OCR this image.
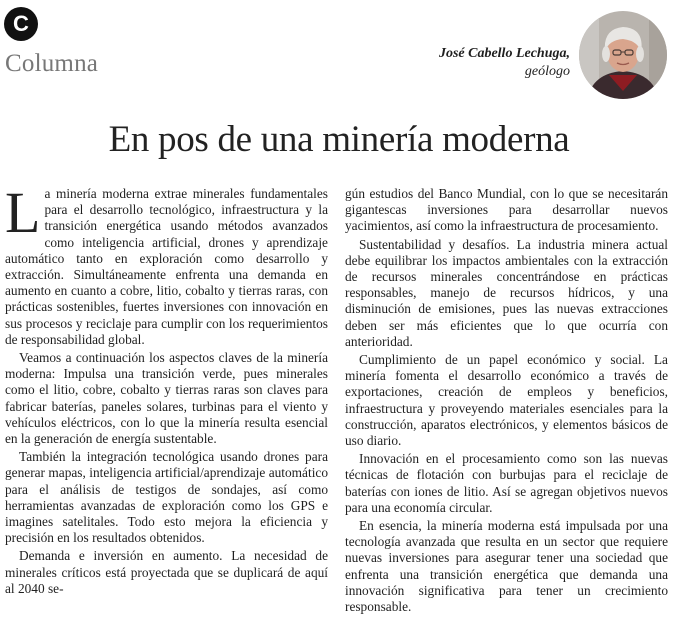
C
Columna	José Cabello Lechuga,
geólogo
En pos de una minería moderna

La minería moderna extrae minerales fundamentales para el desarrollo tecnológico, infraestructura y la transición energética usando métodos avanzados como inteligencia artificial, drones y aprendizaje automático tanto en exploración como desarrollo y extracción. Simultáneamente enfrenta una demanda en aumento en cuanto a cobre, litio, cobalto y tierras raras, con prácticas sostenibles, fuertes inversiones con innovación en sus procesos y reciclaje para cumplir con los requerimientos de responsabilidad global.

Veamos a continuación los aspectos claves de la minería moderna: Impulsa una transición verde, pues minerales como el litio, cobre, cobalto y tierras raras son claves para fabricar baterías, paneles solares, turbinas para el viento y vehículos eléctricos, con lo que la minería resulta esencial en la generación de energía sustentable.

También la integración tecnológica usando drones para generar mapas, inteligencia artificial/aprendizaje automático para el análisis de testigos de sondajes, así como herramientas avanzadas de exploración como los GPS e imagines satelitales. Todo esto mejora la eficiencia y precisión en los resultados obtenidos.

Demanda e inversión en aumento. La necesidad de minerales críticos está proyectada que se duplicará de aquí al 2040 se-

gún estudios del Banco Mundial, con lo que se necesitarán gigantescas inversiones para desarrollar nuevos yacimientos, así como la infraestructura de procesamiento.

Sustentabilidad y desafíos. La industria minera actual debe equilibrar los impactos ambientales con la extracción de recursos minerales concentrándose en prácticas responsables, manejo de recursos hídricos, y una disminución de emisiones, pues las nuevas extracciones deben ser más eficientes que lo que ocurría con anterioridad.

Cumplimiento de un papel económico y social. La minería fomenta el desarrollo económico a través de exportaciones, creación de empleos y beneficios, infraestructura y proveyendo materiales esenciales para la construcción, aparatos electrónicos, y elementos básicos de uso diario.

Innovación en el procesamiento como son las nuevas técnicas de flotación con burbujas para el reciclaje de baterías con iones de litio. Así se agregan objetivos nuevos para una economía circular.

En esencia, la minería moderna está impulsada por una tecnología avanzada que resulta en un sector que requiere nuevas inversiones para asegurar tener una sociedad que enfrenta una transición energética que demanda una innovación significativa para tener un crecimiento responsable.
